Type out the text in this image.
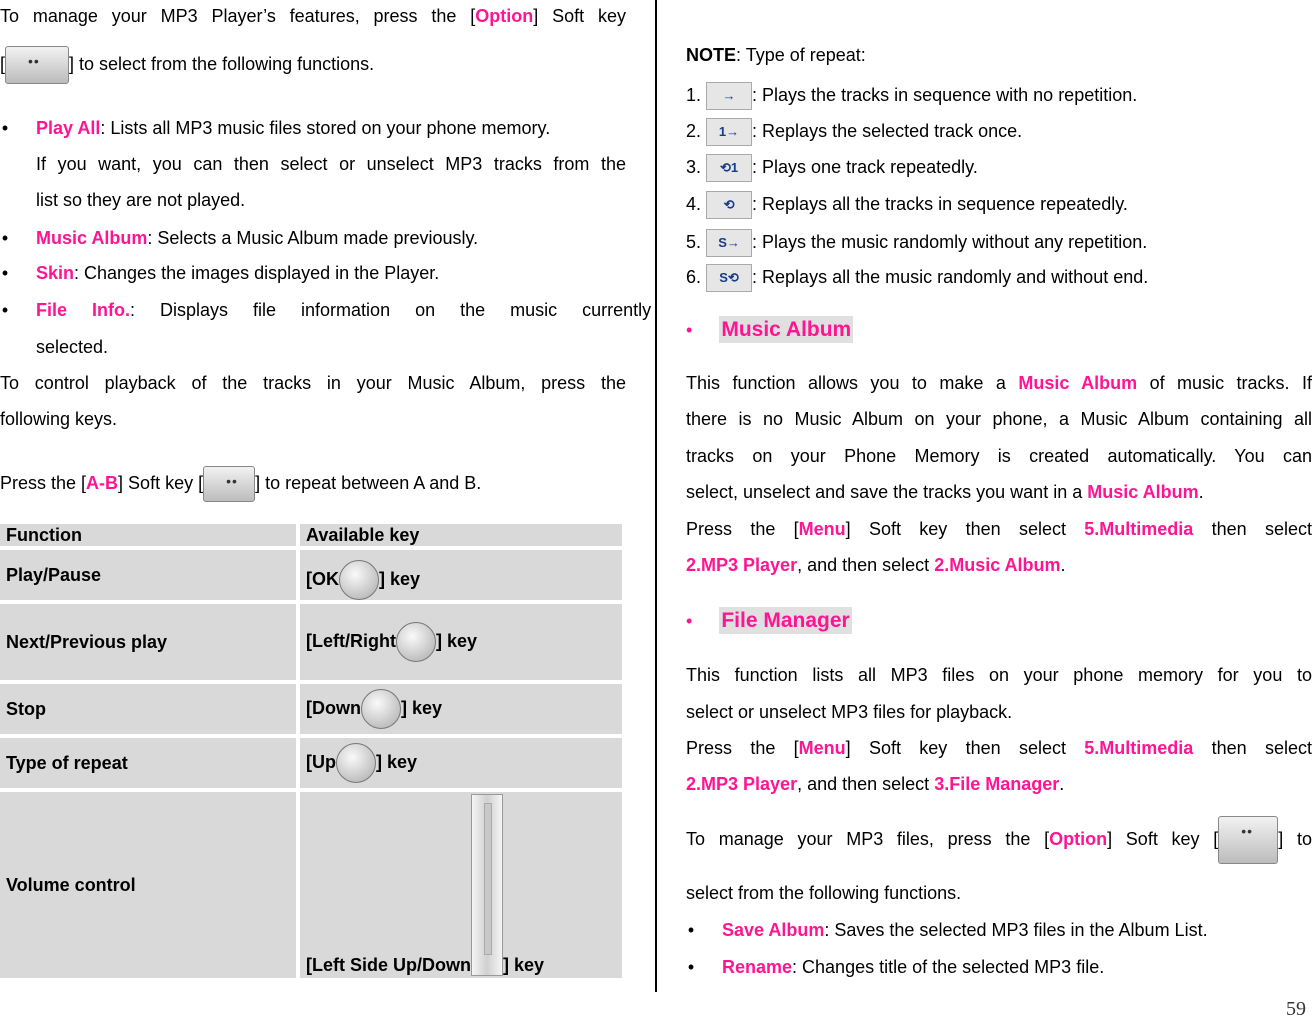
To manage your MP3 Player’s features, press the [Option] Soft key
[ ••	] to select from the following functions.
• Play All: Lists all MP3 music files stored on your phone memory.
If you want, you can then select or unselect MP3 tracks from the
list so they are not played.
• Music Album: Selects a Music Album made previously.
• Skin: Changes the images displayed in the Player.
• File Info.: Displays file information on the music currently
selected.
To control playback of the tracks in your Music Album, press the
following keys.
Press the [A-B] Soft key [ ••	] to repeat between A and B.
Function	Available key
Play/Pause	[OK ] key
Next/Previous play	[Left/Right ] key
Stop	[Down ] key
Type of repeat	[Up ] key
Volume control	[Left Side Up/Down ] key
NOTE: Type of repeat:
1. → : Plays the tracks in sequence with no repetition.
2. 1→ : Replays the selected track once.
3. ⟲1 : Plays one track repeatedly.
4. ⟲ : Replays all the tracks in sequence repeatedly.
5. S→ : Plays the music randomly without any repetition.
6. S⟲ : Replays all the music randomly and without end.
• Music Album
This function allows you to make a Music Album of music tracks. If
there is no Music Album on your phone, a Music Album containing all
tracks on your Phone Memory is created automatically. You can
select, unselect and save the tracks you want in a Music Album.
Press the [Menu] Soft key then select 5.Multimedia then select
2.MP3 Player, and then select 2.Music Album.
• File Manager
This function lists all MP3 files on your phone memory for you to
select or unselect MP3 files for playback.
Press the [Menu] Soft key then select 5.Multimedia then select
2.MP3 Player, and then select 3.File Manager.
To manage your MP3 files, press the [Option] Soft key [ ••	] to
select from the following functions.
• Save Album: Saves the selected MP3 files in the Album List.
• Rename: Changes title of the selected MP3 file.
59
